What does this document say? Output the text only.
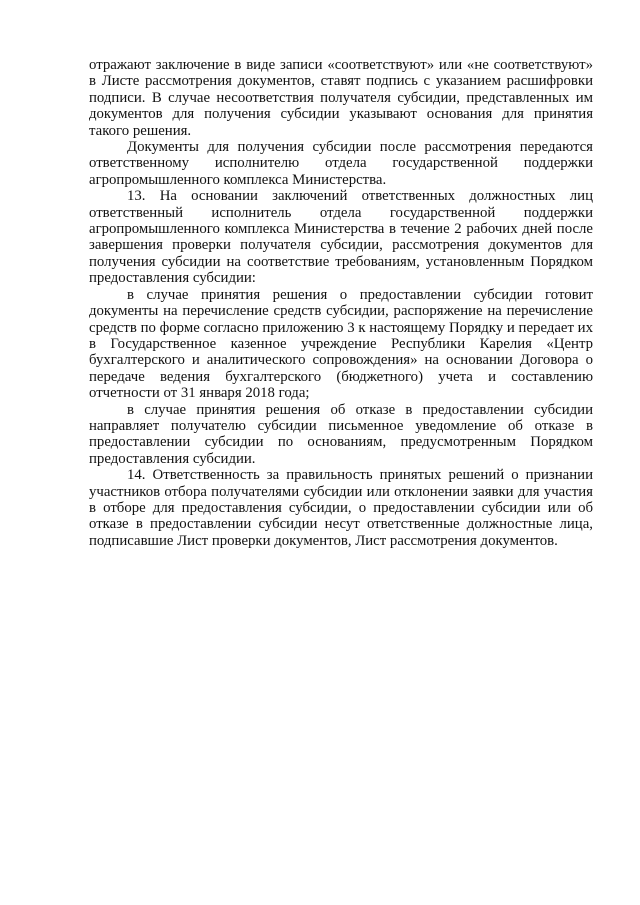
отражают заключение в виде записи «соответствуют» или «не соответствуют» в Листе рассмотрения документов, ставят подпись с указанием расшифровки подписи. В случае несоответствия получателя субсидии, представленных им документов для получения субсидии указывают основания для принятия такого решения.

Документы для получения субсидии после рассмотрения передаются ответственному исполнителю отдела государственной поддержки агропромышленного комплекса Министерства.

13. На основании заключений ответственных должностных лиц ответственный исполнитель отдела государственной поддержки агропромышленного комплекса Министерства в течение 2 рабочих дней после завершения проверки получателя субсидии, рассмотрения документов для получения субсидии на соответствие требованиям, установленным Порядком предоставления субсидии:

в случае принятия решения о предоставлении субсидии готовит документы на перечисление средств субсидии, распоряжение на перечисление средств по форме согласно приложению 3 к настоящему Порядку и передает их в Государственное казенное учреждение Республики Карелия «Центр бухгалтерского и аналитического сопровождения» на основании Договора о передаче ведения бухгалтерского (бюджетного) учета и составлению отчетности от 31 января 2018 года;

в случае принятия решения об отказе в предоставлении субсидии направляет получателю субсидии письменное уведомление об отказе в предоставлении субсидии по основаниям, предусмотренным Порядком предоставления субсидии.

14. Ответственность за правильность принятых решений о признании участников отбора получателями субсидии или отклонении заявки для участия в отборе для предоставления субсидии, о предоставлении субсидии или об отказе в предоставлении субсидии несут ответственные должностные лица, подписавшие Лист проверки документов, Лист рассмотрения документов.
